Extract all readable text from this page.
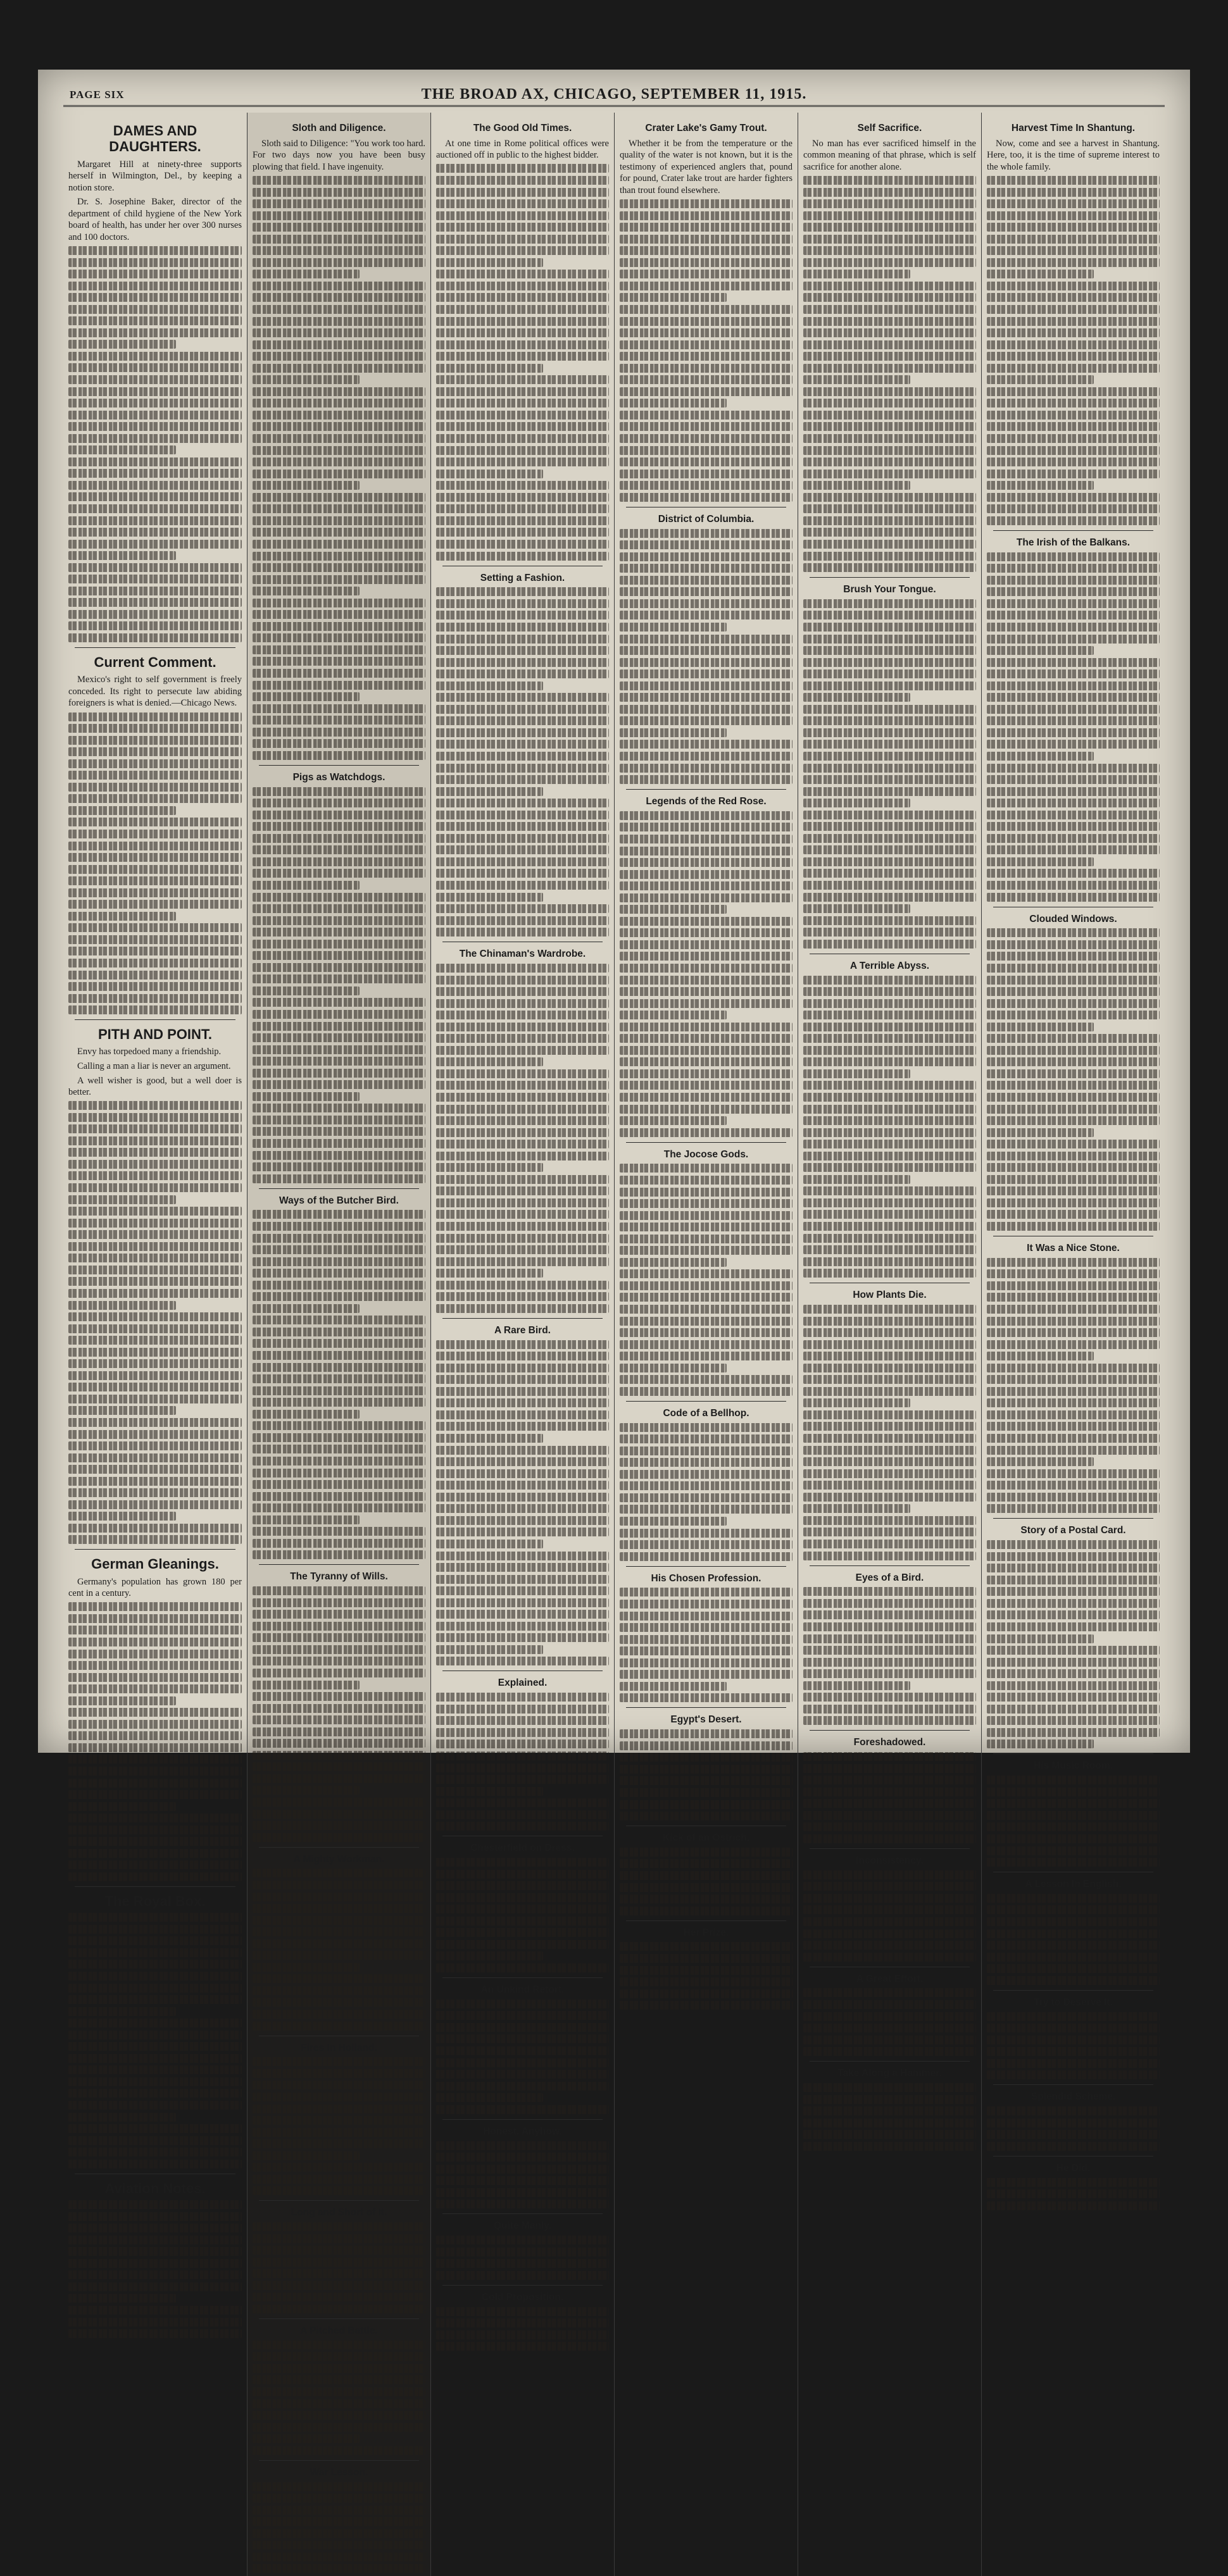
PAGE SIX	THE BROAD AX, CHICAGO, SEPTEMBER 11, 1915.
DAMES AND DAUGHTERS.

Margaret Hill at ninety-three supports herself in Wilmington, Del., by keeping a notion store.

Dr. S. Josephine Baker, director of the department of child hygiene of the New York board of health, has under her over 300 nurses and 100 doctors.

Current Comment.

Mexico's right to self government is freely conceded. Its right to persecute law abiding foreigners is what is denied.—Chicago News.

PITH AND POINT.

Envy has torpedoed many a friendship.

Calling a man a liar is never an argument.

A well wisher is good, but a well doer is better.

German Gleanings.

Germany's population has grown 180 per cent in a century.

The Royal Box.
Aviation Notes.
Sloth and Diligence.

Sloth said to Diligence: "You work too hard. For two days now you have been busy plowing that field. I have ingenuity.

Pigs as Watchdogs.
Ways of the Butcher Bird.
The Tyranny of Wills.
A Mighty Workman.
Fires In Holland.
Long and Short of It.
A Pitched Battle.
War Lesson.
The Good Old Times.

At one time in Rome political offices were auctioned off in public to the highest bidder.

Setting a Fashion.
The Chinaman's Wardrobe.
A Rare Bird.
Explained.
Chesterfield on Dress.
An Unkind Retort.
Honest, Anyhow.
Quite Manly.
Cold Proposition.
Crater Lake's Gamy Trout.

Whether it be from the temperature or the quality of the water is not known, but it is the testimony of experienced anglers that, pound for pound, Crater lake trout are harder fighters than trout found elsewhere.

District of Columbia.
Legends of the Red Rose.
The Jocose Gods.
Code of a Bellhop.
His Chosen Profession.
Egypt's Desert.
Kick of an Ostrich.
Her Prize.
Self Sacrifice.

No man has ever sacrificed himself in the common meaning of that phrase, which is self sacrifice for another alone.

Brush Your Tongue.
A Terrible Abyss.
How Plants Die.
Eyes of a Bird.
Foreshadowed.
Inconsistency.
A Great Effort.
Take Along a Hammer.
Harvest Time In Shantung.

Now, come and see a harvest in Shantung. Here, too, it is the time of supreme interest to the whole family.

The Irish of the Balkans.
Clouded Windows.
It Was a Nice Stone.
Story of a Postal Card.
His Music Room.
A Lesson In English.
Try to Deserve It.
Splendid Scheme.
He Did.
